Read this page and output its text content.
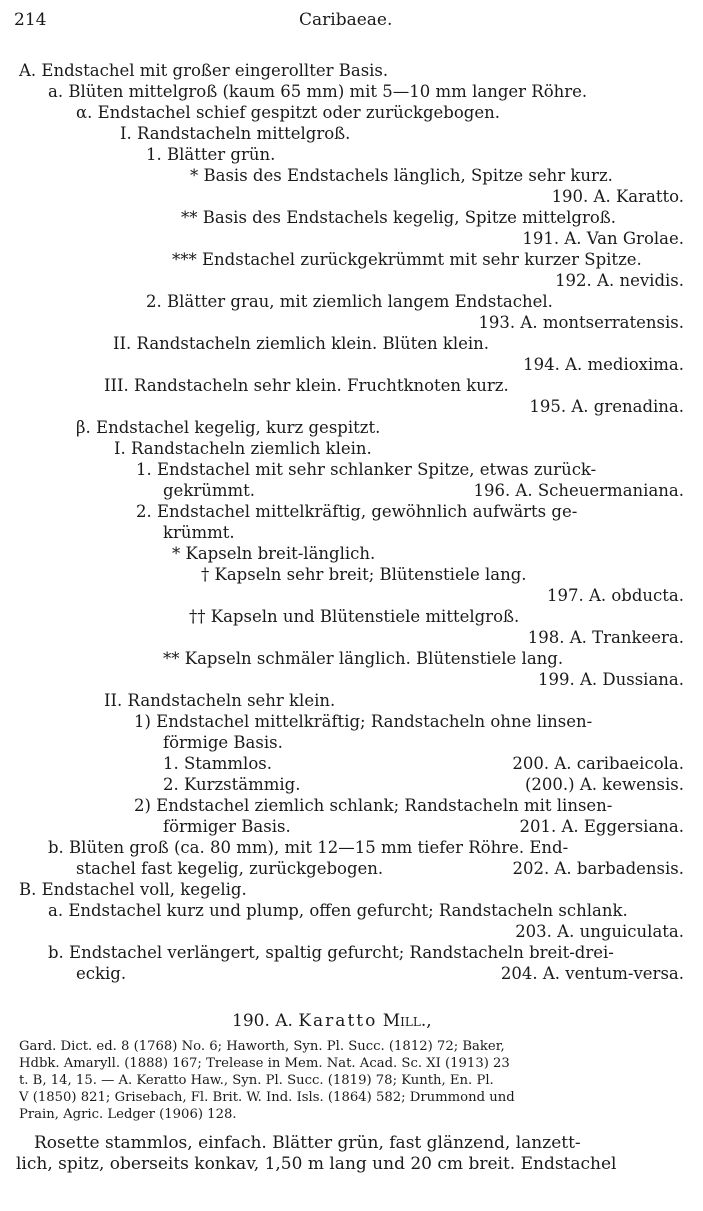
214	Caribaeae.
A. Endstachel mit großer eingerollter Basis.
a. Blüten mittelgroß (kaum 65 mm) mit 5—10 mm langer Röhre.
α. Endstachel schief gespitzt oder zurückgebogen.
I. Randstacheln mittelgroß.
1. Blätter grün.
* Basis des Endstachels länglich, Spitze sehr kurz.
190. A. Karatto.
** Basis des Endstachels kegelig, Spitze mittelgroß.
191. A. Van Grolae.
*** Endstachel zurückgekrümmt mit sehr kurzer Spitze.
192. A. nevidis.
2. Blätter grau, mit ziemlich langem Endstachel.
193. A. montserratensis.
II. Randstacheln ziemlich klein. Blüten klein.
194. A. medioxima.
III. Randstacheln sehr klein. Fruchtknoten kurz.
195. A. grenadina.
β. Endstachel kegelig, kurz gespitzt.
I. Randstacheln ziemlich klein.
1. Endstachel mit sehr schlanker Spitze, etwas zurück-
gekrümmt.	196. A. Scheuermaniana.
2. Endstachel mittelkräftig, gewöhnlich aufwärts ge-
krümmt.
* Kapseln breit-länglich.
† Kapseln sehr breit; Blütenstiele lang.
197. A. obducta.
†† Kapseln und Blütenstiele mittelgroß.
198. A. Trankeera.
** Kapseln schmäler länglich. Blütenstiele lang.
199. A. Dussiana.
II. Randstacheln sehr klein.
1) Endstachel mittelkräftig; Randstacheln ohne linsen-
förmige Basis.
1. Stammlos.	200. A. caribaeicola.
2. Kurzstämmig.	(200.) A. kewensis.
2) Endstachel ziemlich schlank; Randstacheln mit linsen-
förmiger Basis.	201. A. Eggersiana.
b. Blüten groß (ca. 80 mm), mit 12—15 mm tiefer Röhre. End-
stachel fast kegelig, zurückgebogen.	202. A. barbadensis.
B. Endstachel voll, kegelig.
a. Endstachel kurz und plump, offen gefurcht; Randstacheln schlank.
203. A. unguiculata.
b. Endstachel verlängert, spaltig gefurcht; Randstacheln breit-drei-
eckig.	204. A. ventum-versa.
190. A. Karatto Mill.,
Gard. Dict. ed. 8 (1768) No. 6; Haworth, Syn. Pl. Succ. (1812) 72; Baker,
Hdbk. Amaryll. (1888) 167; Trelease in Mem. Nat. Acad. Sc. XI (1913) 23
t. B, 14, 15. — A. Keratto Haw., Syn. Pl. Succ. (1819) 78; Kunth, En. Pl.
V (1850) 821; Grisebach, Fl. Brit. W. Ind. Isls. (1864) 582; Drummond und
Prain, Agric. Ledger (1906) 128.
Rosette stammlos, einfach. Blätter grün, fast glänzend, lanzett-
lich, spitz, oberseits konkav, 1,50 m lang und 20 cm breit. Endstachel
